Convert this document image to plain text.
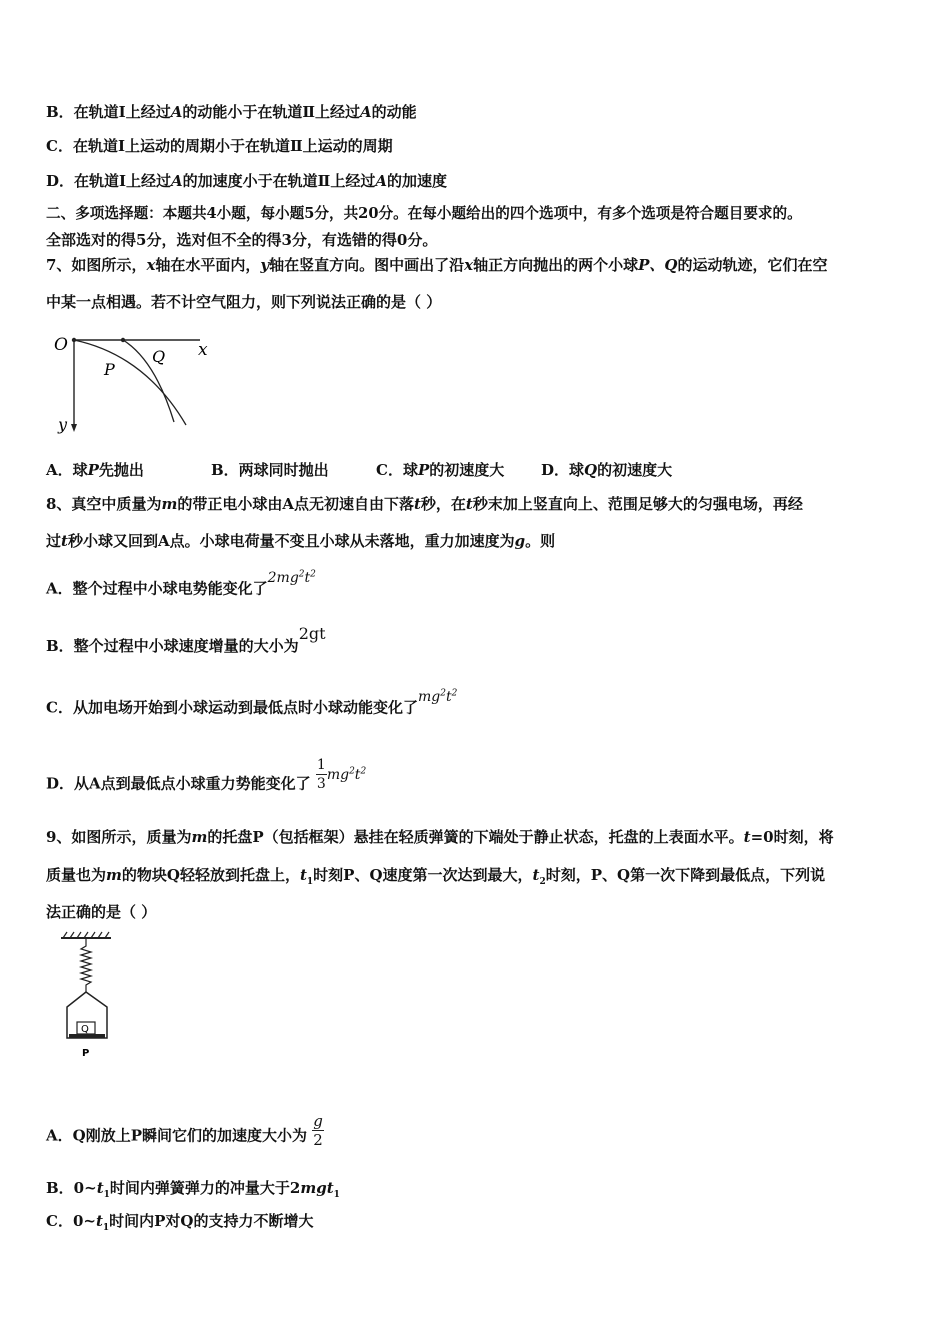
B．在轨道Ⅰ上经过A的动能小于在轨道Ⅱ上经过A的动能
C．在轨道Ⅰ上运动的周期小于在轨道Ⅱ上运动的周期
D．在轨道Ⅰ上经过A的加速度小于在轨道Ⅱ上经过A的加速度
二、多项选择题：本题共4小题，每小题5分，共20分。在每小题给出的四个选项中，有多个选项是符合题目要求的。
全部选对的得5分，选对但不全的得3分，有选错的得0分。
7、如图所示，x轴在水平面内，y轴在竖直方向。图中画出了沿x轴正方向抛出的两个小球P、Q的运动轨迹，它们在空
中某一点相遇。若不计空气阻力，则下列说法正确的是（ ）
O	x
y
P
Q
A．球P先抛出	B．两球同时抛出	C．球P的初速度大 D．球Q的初速度大
8、真空中质量为m的带正电小球由A点无初速自由下落t秒，在t秒末加上竖直向上、范围足够大的匀强电场，再经
过t秒小球又回到A点。小球电荷量不变且小球从未落地，重力加速度为g。则
A．整个过程中小球电势能变化了$2mg^2t^2$
B．整个过程中小球速度增量的大小为2gt
C．从加电场开始到小球运动到最低点时小球动能变化了$mg^2t^2$
D．从A点到最低点小球重力势能变化了 $\frac{1}{3} mg^2t^2$
9、如图所示，质量为m的托盘P（包括框架）悬挂在轻质弹簧的下端处于静止状态，托盘的上表面水平。t=0时刻，将
质量也为m的物块Q轻轻放到托盘上，$t_1$时刻P、Q速度第一次达到最大，$t_2$时刻，P、Q第一次下降到最低点，下列说
法正确的是（ ）
Q
P
A．Q刚放上P瞬间它们的加速度大小为 $\frac{g}{2}$
B．$0\sim t_1$时间内弹簧弹力的冲量大于2mgt$_1$
C．$0\sim t_1$时间内P对Q的支持力不断增大
